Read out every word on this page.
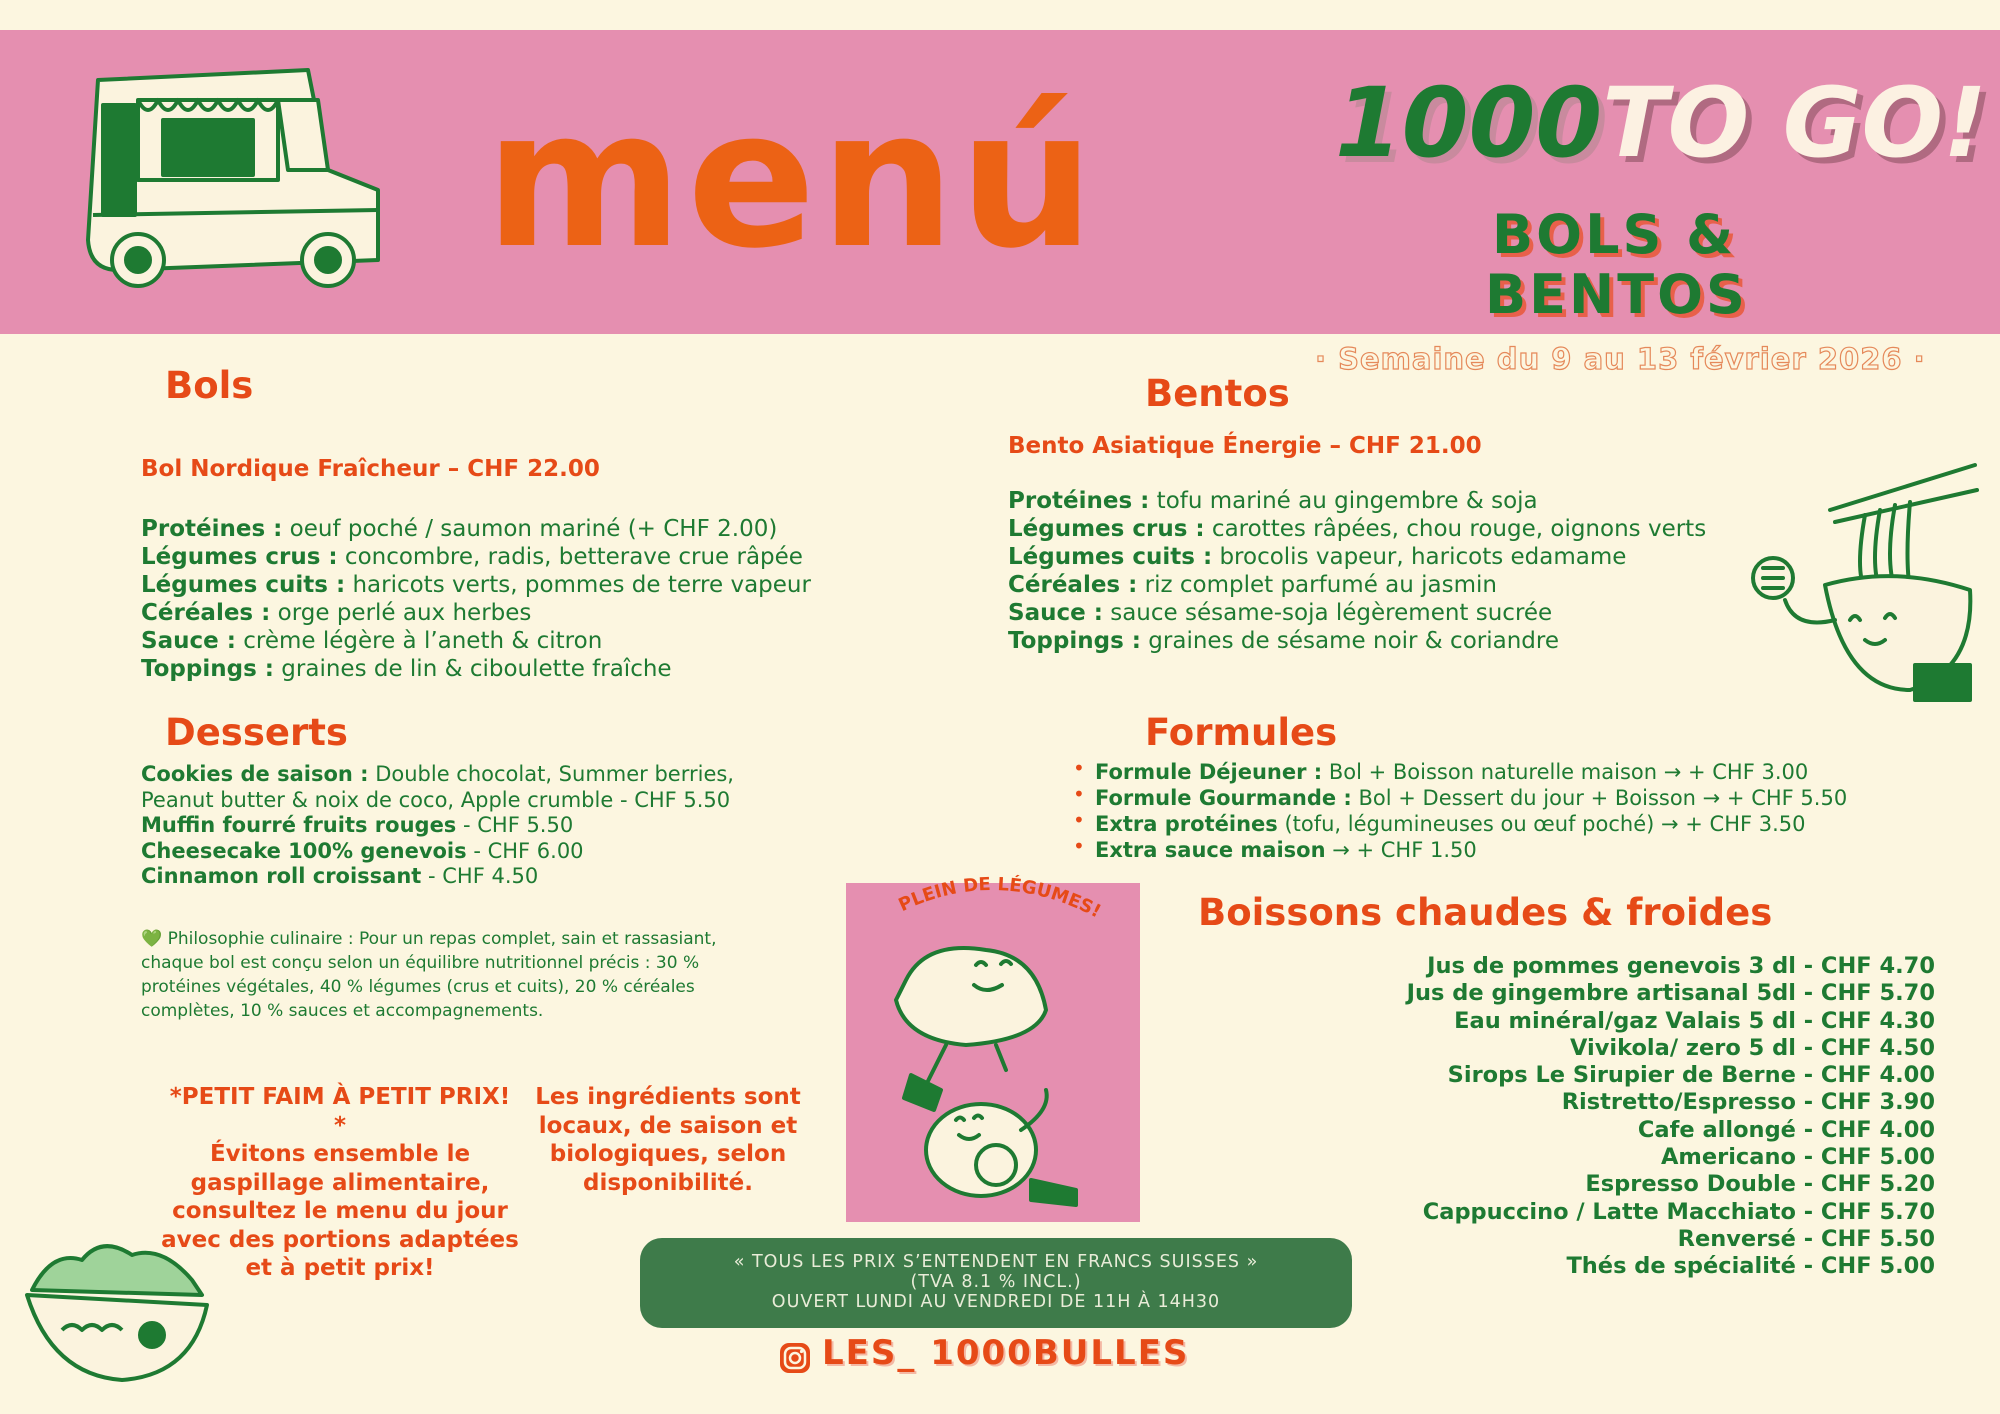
menú 1000TO GO!
BOLS &
BENTOS
· Semaine du 9 au 13 février 2026 ·
Bols
Bol Nordique Fraîcheur – CHF 22.00
Protéines : oeuf poché / saumon mariné (+ CHF 2.00)
Légumes crus : concombre, radis, betterave crue râpée
Légumes cuits : haricots verts, pommes de terre vapeur
Céréales : orge perlé aux herbes
Sauce : crème légère à l’aneth & citron
Toppings : graines de lin & ciboulette fraîche
Bentos
Bento Asiatique Énergie – CHF 21.00
Protéines : tofu mariné au gingembre & soja
Légumes crus : carottes râpées, chou rouge, oignons verts
Légumes cuits : brocolis vapeur, haricots edamame
Céréales : riz complet parfumé au jasmin
Sauce : sauce sésame-soja légèrement sucrée
Toppings : graines de sésame noir & coriandre
Desserts
Cookies de saison : Double chocolat, Summer berries, Peanut butter & noix de coco, Apple crumble - CHF 5.50
Muffin fourré fruits rouges - CHF 5.50
Cheesecake 100% genevois - CHF 6.00
Cinnamon roll croissant - CHF 4.50
💚 Philosophie culinaire : Pour un repas complet, sain et rassasiant, chaque bol est conçu selon un équilibre nutritionnel précis : 30 % protéines végétales, 40 % légumes (crus et cuits), 20 % céréales complètes, 10 % sauces et accompagnements.
*PETIT FAIM À PETIT PRIX! *
Évitons ensemble le gaspillage alimentaire, consultez le menu du jour avec des portions adaptées et à petit prix!
Les ingrédients sont locaux, de saison et biologiques, selon disponibilité.
PLEIN DE LÉGUMES!
Formules
• Formule Déjeuner : Bol + Boisson naturelle maison → + CHF 3.00
• Formule Gourmande : Bol + Dessert du jour + Boisson → + CHF 5.50
• Extra protéines (tofu, légumineuses ou œuf poché) → + CHF 3.50
• Extra sauce maison → + CHF 1.50
Boissons chaudes & froides
Jus de pommes genevois 3 dl - CHF 4.70
Jus de gingembre artisanal 5dl - CHF 5.70
Eau minéral/gaz Valais 5 dl - CHF 4.30
Vivikola/ zero 5 dl - CHF 4.50
Sirops Le Sirupier de Berne - CHF 4.00
Ristretto/Espresso - CHF 3.90
Cafe allongé - CHF 4.00
Americano - CHF 5.00
Espresso Double - CHF 5.20
Cappuccino / Latte Macchiato - CHF 5.70
Renversé - CHF 5.50
Thés de spécialité - CHF 5.00
« TOUS LES PRIX S’ENTENDENT EN FRANCS SUISSES »
(TVA 8.1 % INCL.)
OUVERT LUNDI AU VENDREDI DE 11H À 14H30
LES_ 1000BULLES
